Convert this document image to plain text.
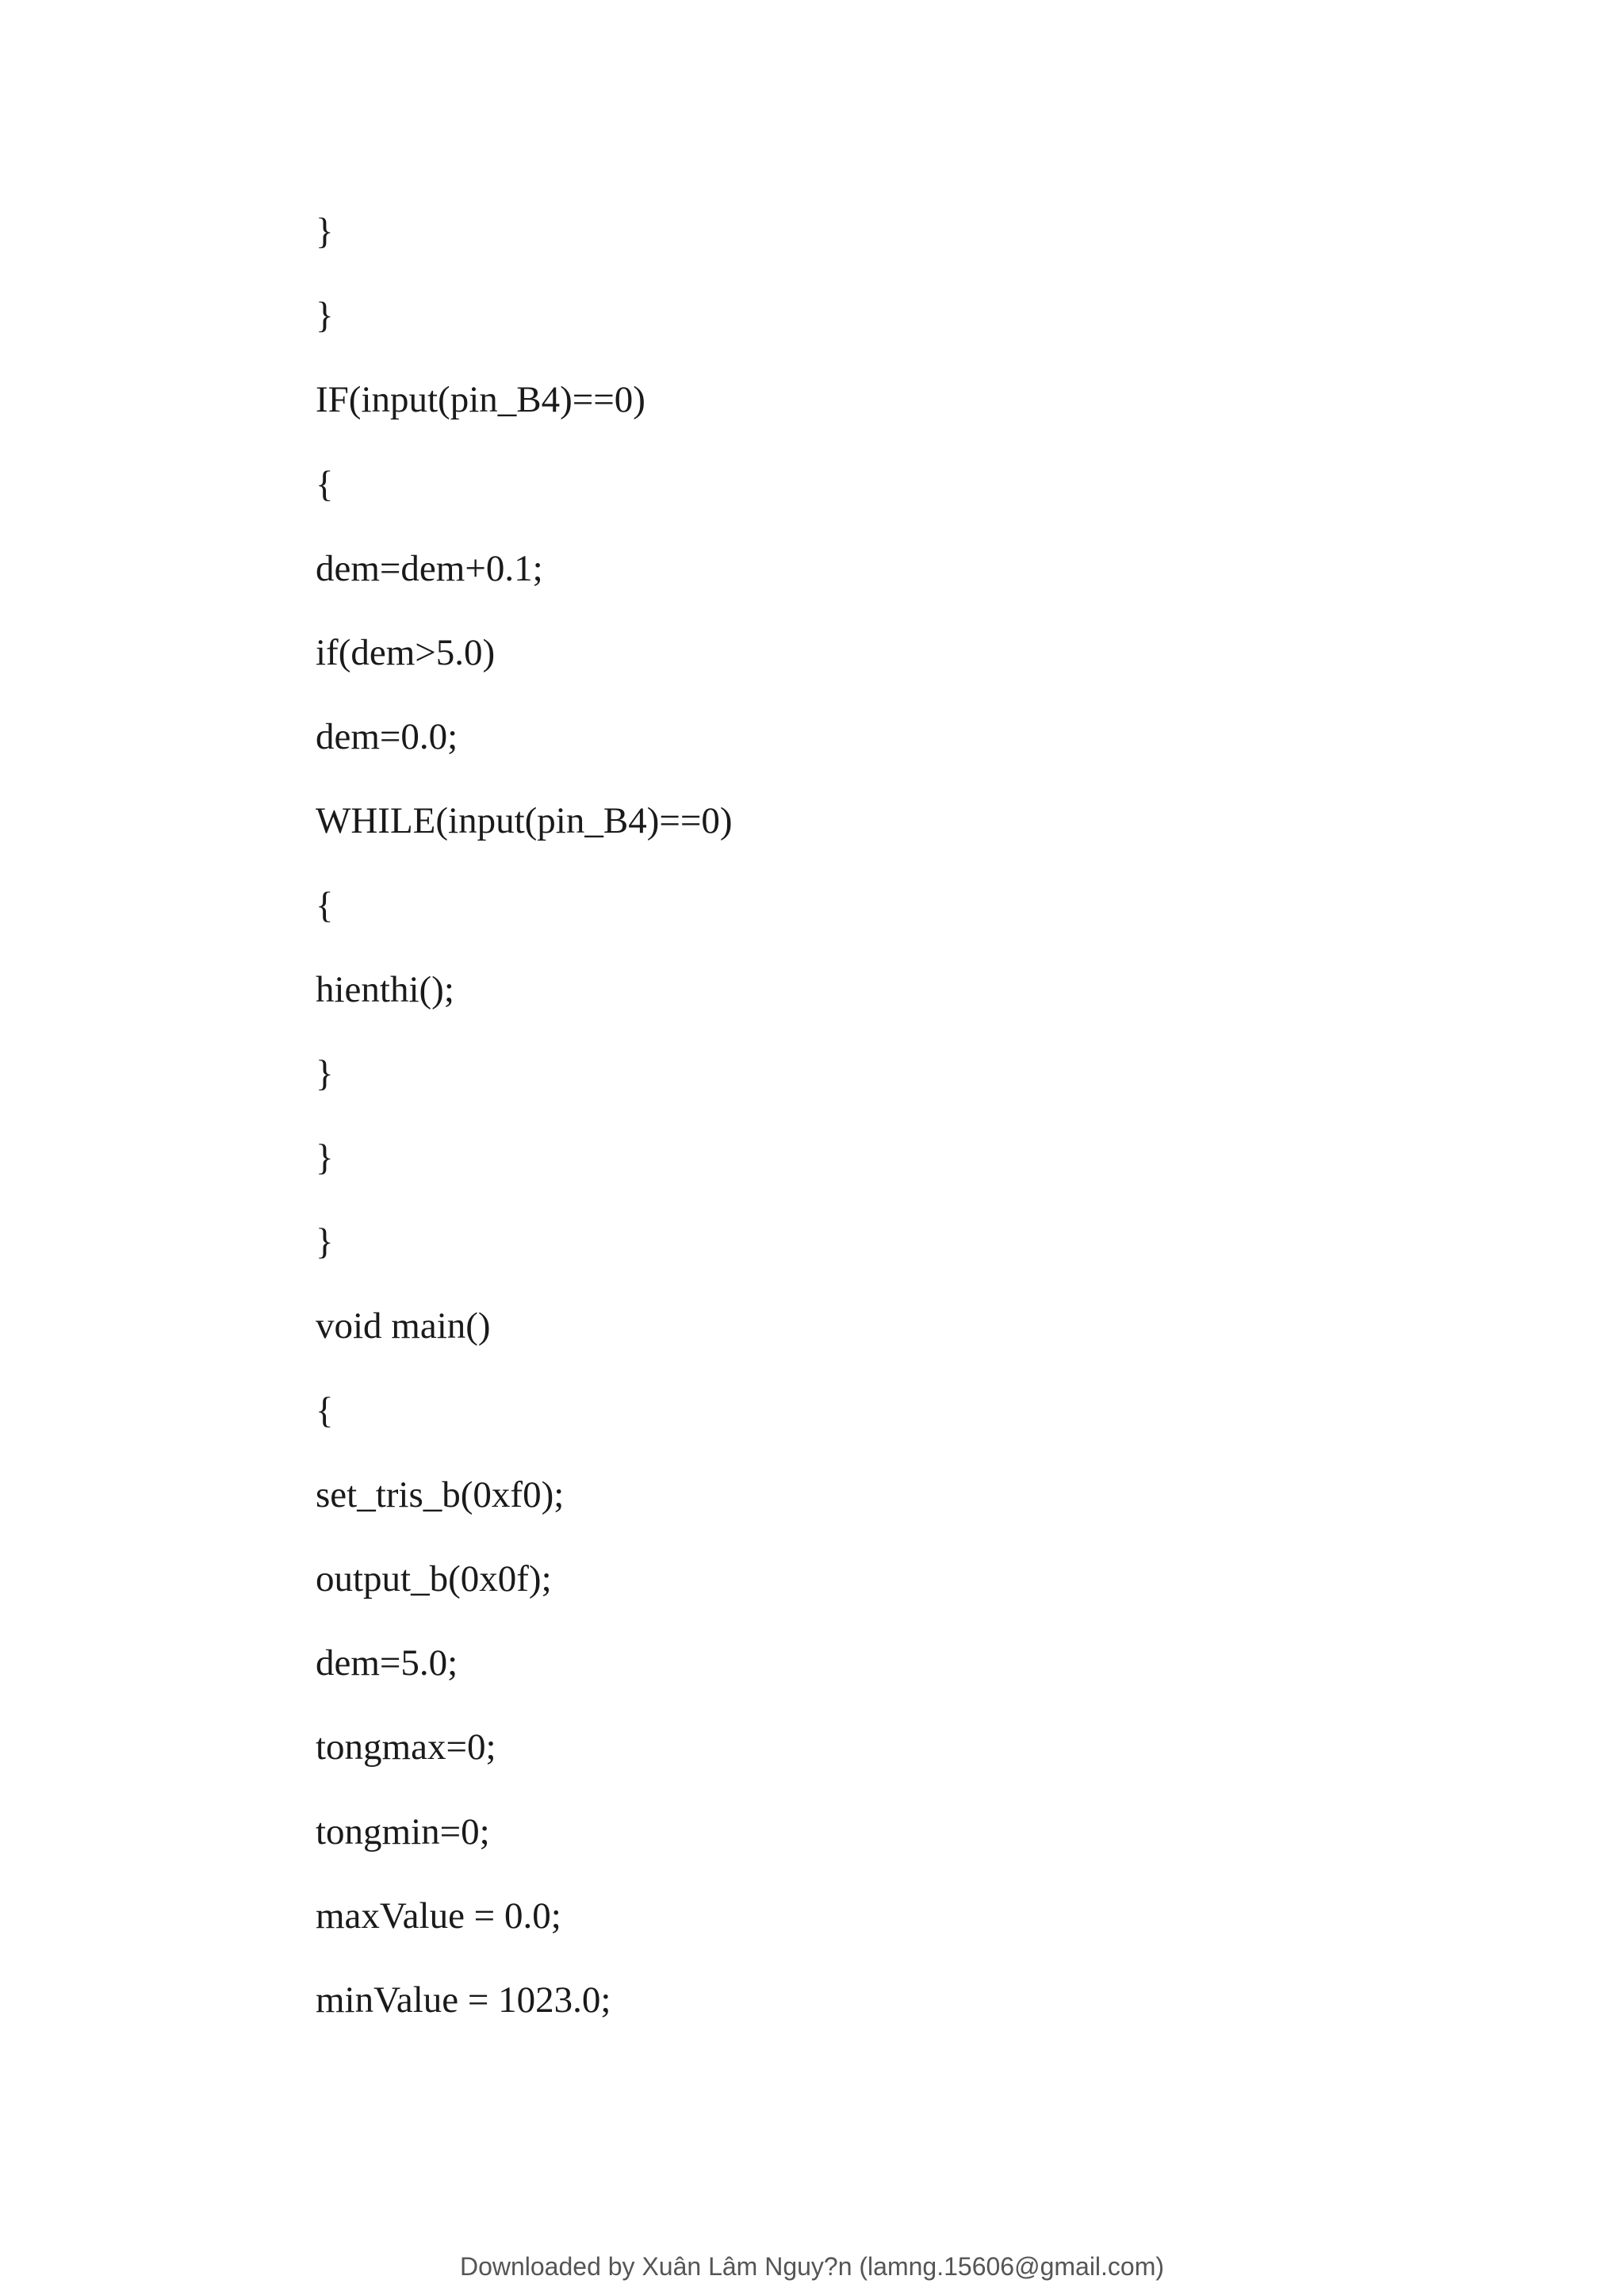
}
}
IF(input(pin_B4)==0)
{
dem=dem+0.1;
if(dem>5.0)
dem=0.0;
WHILE(input(pin_B4)==0)
{
hienthi();
}
}
}
void main()
{
set_tris_b(0xf0);
output_b(0x0f);
dem=5.0;
tongmax=0;
tongmin=0;
maxValue = 0.0;
minValue = 1023.0;
Downloaded by Xuân Lâm Nguy?n (lamng.15606@gmail.com)
